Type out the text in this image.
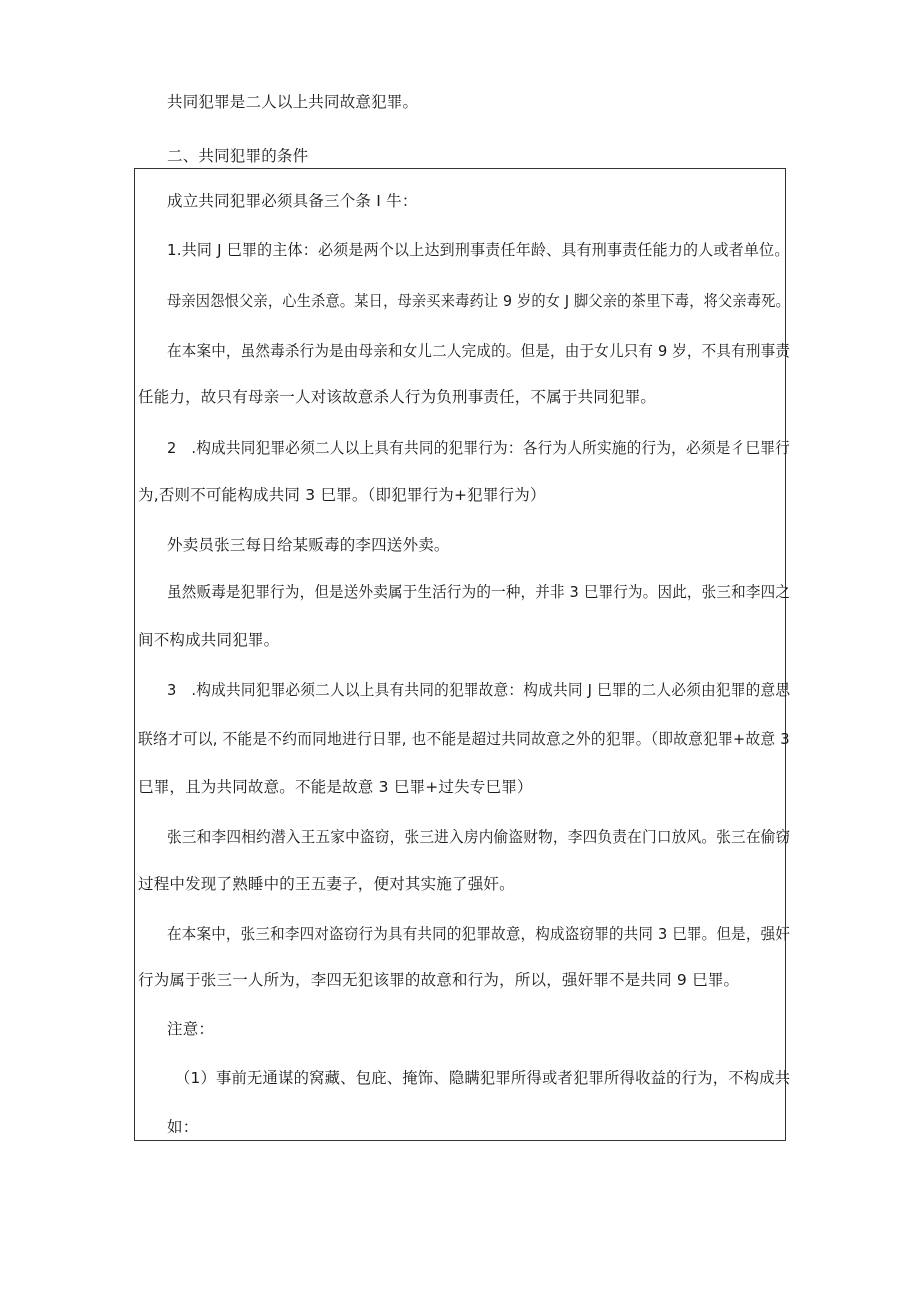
共同犯罪是二人以上共同故意犯罪。
二、共同犯罪的条件
成立共同犯罪必须具备三个条 I 牛：
1.共同 J 巳罪的主体：必须是两个以上达到刑事责任年龄、具有刑事责任能力的人或者单位。
母亲因怨恨父亲，心生杀意。某日，母亲买来毒药让 9 岁的女 J 脚父亲的茶里下毒，将父亲毒死。
在本案中，虽然毒杀行为是由母亲和女儿二人完成的。但是，由于女儿只有 9 岁，不具有刑事责
任能力，故只有母亲一人对该故意杀人行为负刑事责任，不属于共同犯罪。
2　.构成共同犯罪必须二人以上具有共同的犯罪行为：各行为人所实施的行为，必须是彳巳罪行
为,否则不可能构成共同 3 巳罪。（即犯罪行为+犯罪行为）
外卖员张三每日给某贩毒的李四送外卖。
虽然贩毒是犯罪行为，但是送外卖属于生活行为的一种，并非 3 巳罪行为。因此，张三和李四之
间不构成共同犯罪。
3　.构成共同犯罪必须二人以上具有共同的犯罪故意：构成共同 J 巳罪的二人必须由犯罪的意思
联络才可以, 不能是不约而同地进行日罪, 也不能是超过共同故意之外的犯罪。（即故意犯罪+故意 3
巳罪，且为共同故意。不能是故意 3 巳罪+过失专巳罪）
张三和李四相约潜入王五家中盗窃，张三进入房内偷盗财物，李四负责在门口放风。张三在偷窃
过程中发现了熟睡中的王五妻子，便对其实施了强奸。
在本案中，张三和李四对盗窃行为具有共同的犯罪故意，构成盗窃罪的共同 3 巳罪。但是，强奸
行为属于张三一人所为，李四无犯该罪的故意和行为，所以，强奸罪不是共同 9 巳罪。
注意：
（1）事前无通谋的窝藏、包庇、掩饰、隐瞒犯罪所得或者犯罪所得收益的行为，不构成共
如：
